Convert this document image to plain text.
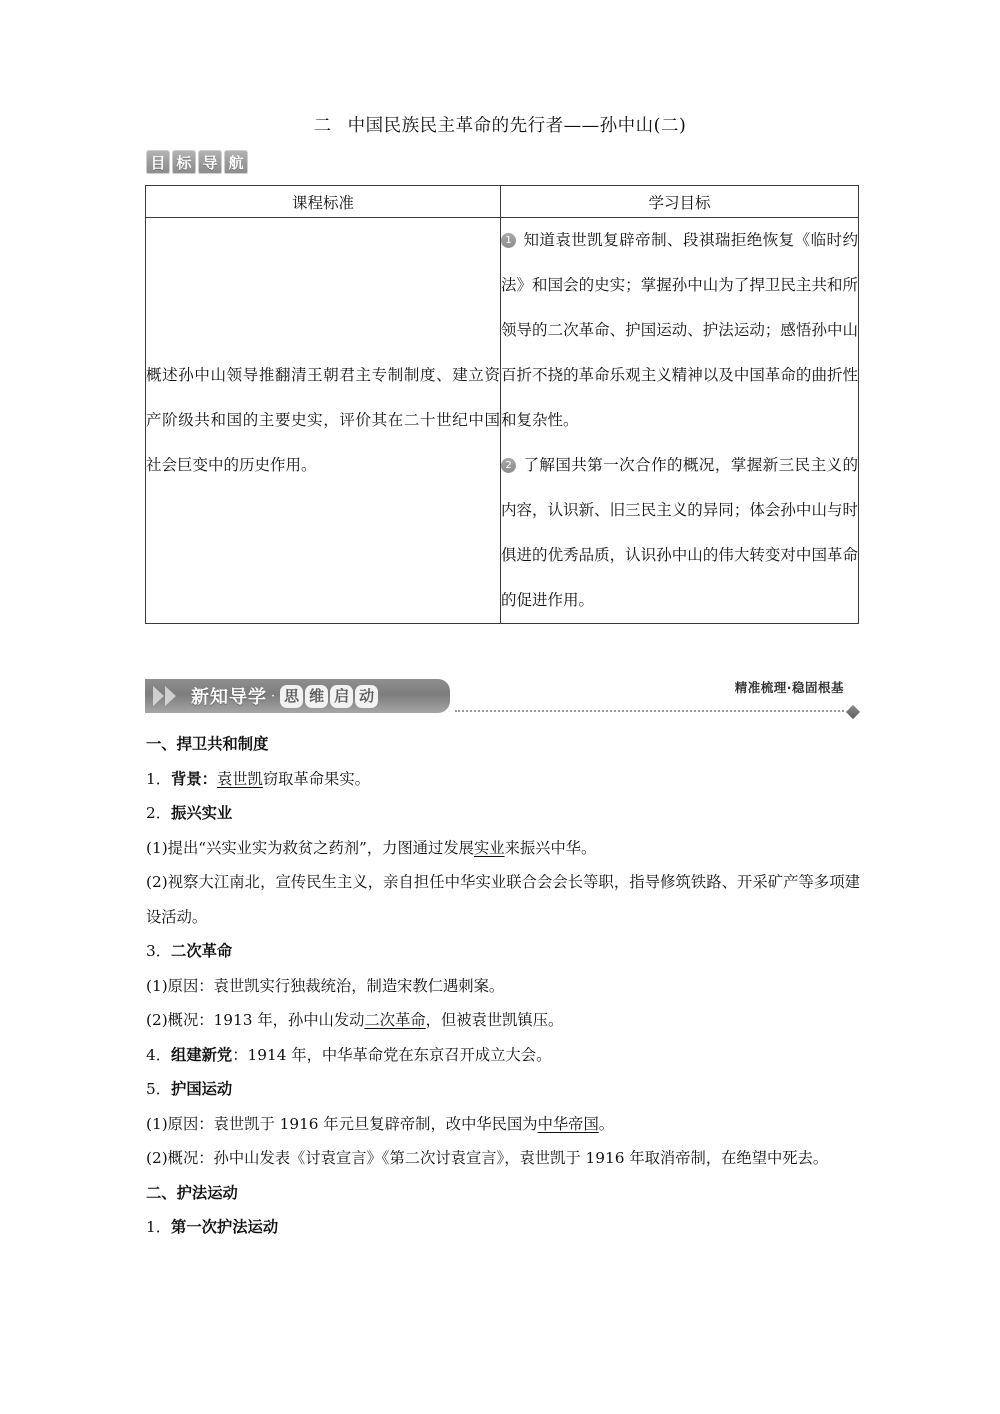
二 中国民族民主革命的先行者——孙中山(二)
目 标 导 航
课程标准	学习目标
概述孙中山领导推翻清王朝君主专制制度、建立资产阶级共和国的主要史实，评价其在二十世纪中国社会巨变中的历史作用。	1 知道袁世凯复辟帝制、段祺瑞拒绝恢复《临时约法》和国会的史实；掌握孙中山为了捍卫民主共和所领导的二次革命、护国运动、护法运动；感悟孙中山百折不挠的革命乐观主义精神以及中国革命的曲折性和复杂性。
2 了解国共第一次合作的概况，掌握新三民主义的内容，认识新、旧三民主义的异同；体会孙中山与时俱进的优秀品质，认识孙中山的伟大转变对中国革命的促进作用。
新知导学 · 思 维 启 动	精准梳理·稳固根基
一、捍卫共和制度
1．背景：袁世凯窃取革命果实。
2．振兴实业
(1)提出“兴实业实为救贫之药剂”，力图通过发展实业来振兴中华。
(2)视察大江南北，宣传民生主义，亲自担任中华实业联合会会长等职，指导修筑铁路、开采矿产等多项建设活动。
3．二次革命
(1)原因：袁世凯实行独裁统治，制造宋教仁遇刺案。
(2)概况：1913 年，孙中山发动二次革命，但被袁世凯镇压。
4．组建新党：1914 年，中华革命党在东京召开成立大会。
5．护国运动
(1)原因：袁世凯于 1916 年元旦复辟帝制，改中华民国为中华帝国。
(2)概况：孙中山发表《讨袁宣言》《第二次讨袁宣言》，袁世凯于 1916 年取消帝制，在绝望中死去。
二、护法运动
1．第一次护法运动
